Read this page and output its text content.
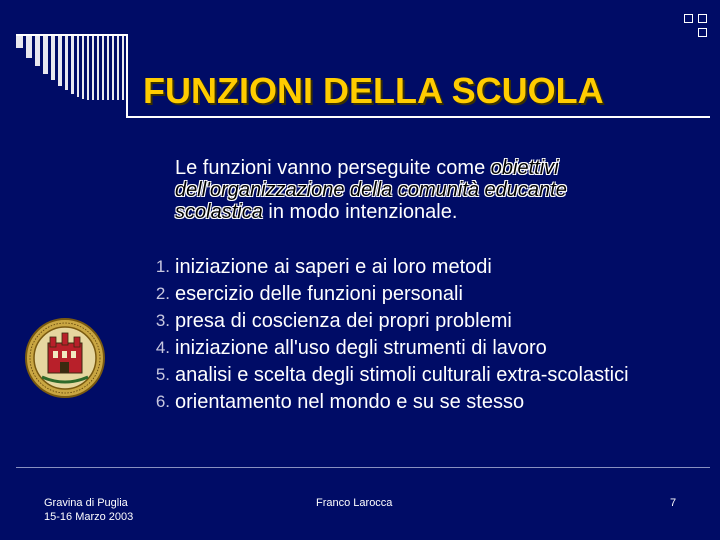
FUNZIONI DELLA SCUOLA
Le funzioni vanno perseguite come obiettivi dell'organizzazione della comunità educante scolastica in modo intenzionale.
1. iniziazione ai saperi e ai loro metodi
2. esercizio delle funzioni personali
3. presa di coscienza dei propri problemi
4. iniziazione all'uso degli strumenti di lavoro
5. analisi e scelta degli stimoli culturali extra-scolastici
6. orientamento nel mondo e su se stesso
Gravina di Puglia
15-16 Marzo 2003
Franco Larocca	7
